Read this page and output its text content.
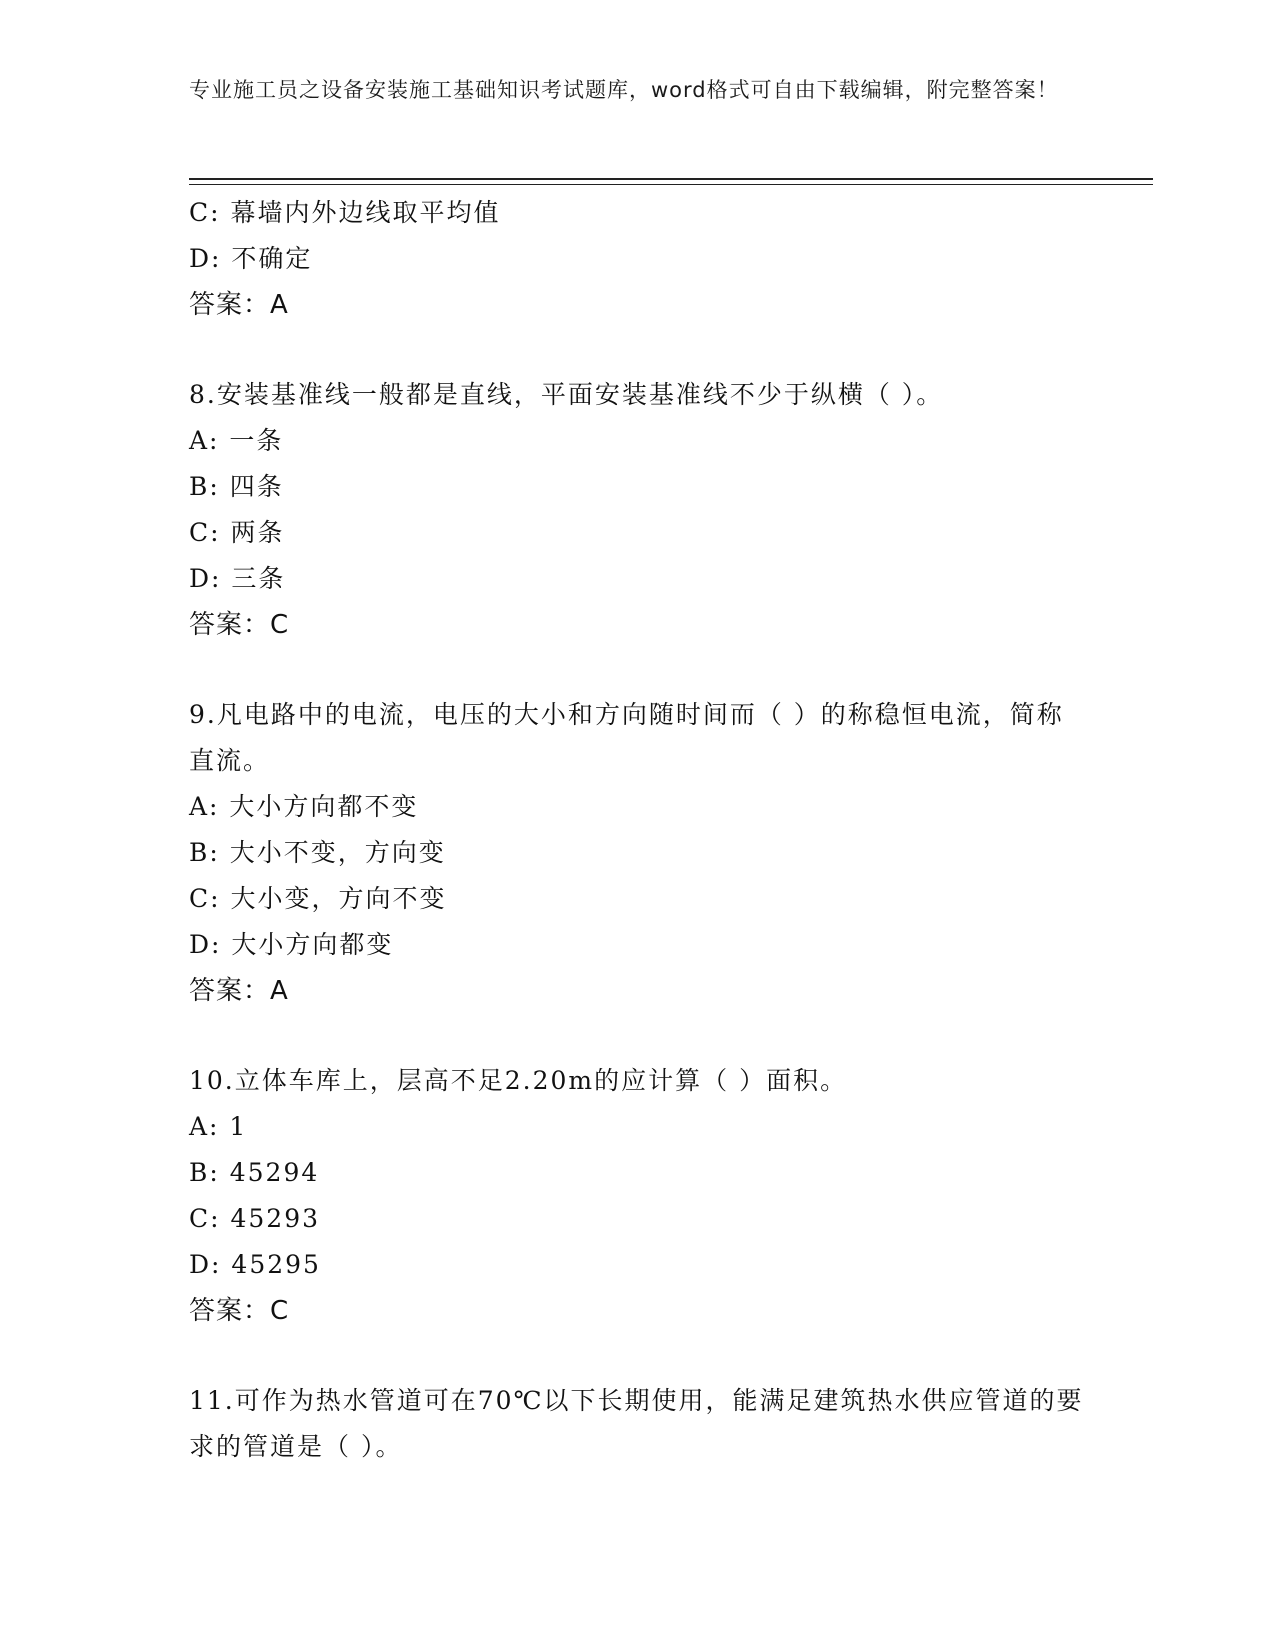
专业施工员之设备安装施工基础知识考试题库，word格式可自由下载编辑，附完整答案！
C: 幕墙内外边线取平均值
D: 不确定
答案：A
8.安装基准线一般都是直线，平面安装基准线不少于纵横（ ）。
A: 一条
B: 四条
C: 两条
D: 三条
答案：C
9.凡电路中的电流，电压的大小和方向随时间而（ ）的称稳恒电流，简称直流。
A: 大小方向都不变
B: 大小不变，方向变
C: 大小变，方向不变
D: 大小方向都变
答案：A
10.立体车库上，层高不足2.20m的应计算（ ）面积。
A: 1
B: 45294
C: 45293
D: 45295
答案：C
11.可作为热水管道可在70℃以下长期使用，能满足建筑热水供应管道的要求的管道是（ ）。
